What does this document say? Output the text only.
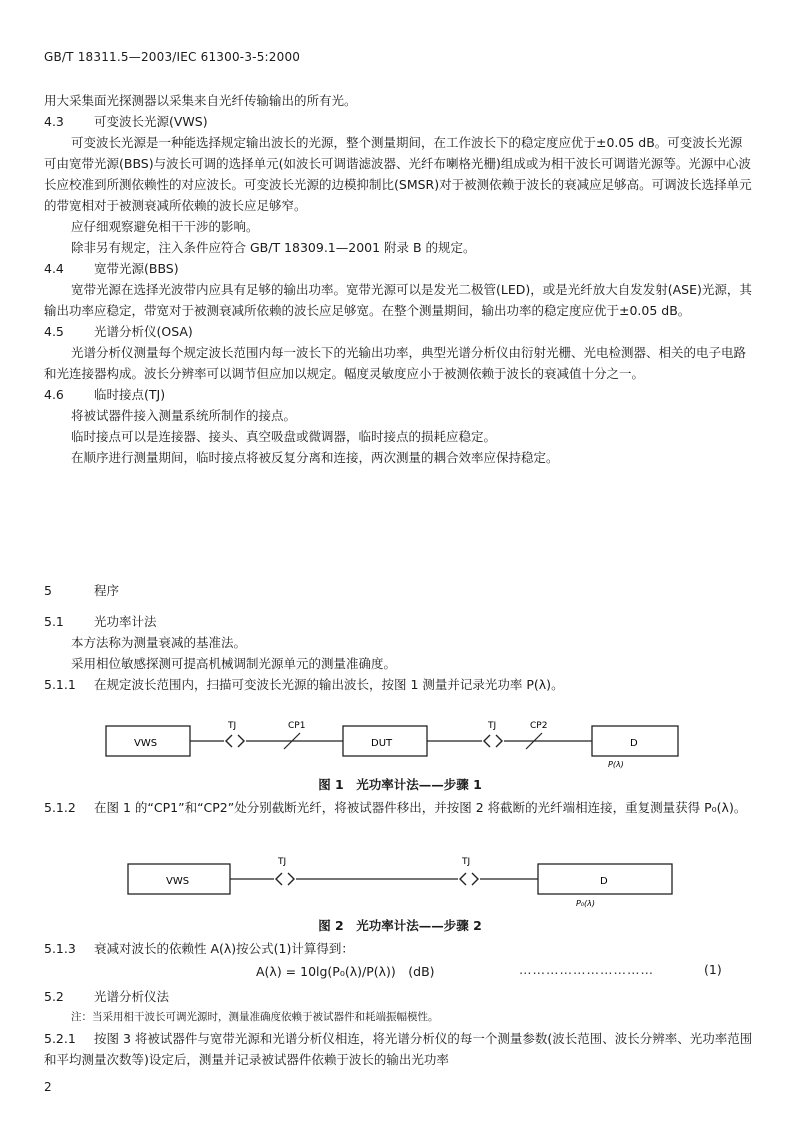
GB/T 18311.5—2003/IEC 61300-3-5:2000

用大采集面光探测器以采集来自光纤传输输出的所有光。

4.3 可变波长光源(VWS)

可变波长光源是一种能选择规定输出波长的光源，整个测量期间，在工作波长下的稳定度应优于±0.05 dB。可变波长光源可由宽带光源(BBS)与波长可调的选择单元(如波长可调谐滤波器、光纤布喇格光栅)组成或为相干波长可调谐光源等。光源中心波长应校准到所测依赖性的对应波长。可变波长光源的边模抑制比(SMSR)对于被测依赖于波长的衰减应足够高。可调波长选择单元的带宽相对于被测衰减所依赖的波长应足够窄。

应仔细观察避免相干干涉的影响。

除非另有规定，注入条件应符合 GB/T 18309.1—2001 附录 B 的规定。

4.4 宽带光源(BBS)

宽带光源在选择光波带内应具有足够的输出功率。宽带光源可以是发光二极管(LED)，或是光纤放大自发发射(ASE)光源，其输出功率应稳定，带宽对于被测衰减所依赖的波长应足够宽。在整个测量期间，输出功率的稳定度应优于±0.05 dB。

4.5 光谱分析仪(OSA)

光谱分析仪测量每个规定波长范围内每一波长下的光输出功率，典型光谱分析仪由衍射光栅、光电检测器、相关的电子电路和光连接器构成。波长分辨率可以调节但应加以规定。幅度灵敏度应小于被测依赖于波长的衰减值十分之一。

4.6 临时接点(TJ)

将被试器件接入测量系统所制作的接点。

临时接点可以是连接器、接头、真空吸盘或微调器，临时接点的损耗应稳定。

在顺序进行测量期间，临时接点将被反复分离和连接，两次测量的耦合效率应保持稳定。

5	程序

5.1 光功率计法

本方法称为测量衰减的基准法。

采用相位敏感探测可提高机械调制光源单元的测量准确度。

5.1.1 在规定波长范围内，扫描可变波长光源的输出波长，按图 1 测量并记录光功率 P(λ)。

VWS
TJ	CP1
DUT
TJ	CP2
D
P(λ)
图 1　光功率计法——步骤 1

5.1.2 在图 1 的“CP1”和“CP2”处分别截断光纤，将被试器件移出，并按图 2 将截断的光纤端相连接，重复测量获得 P₀(λ)。

VWS
TJ	TJ
D
P₀(λ)
图 2　光功率计法——步骤 2

5.1.3 衰减对波长的依赖性 A(λ)按公式(1)计算得到：

A(λ) = 10lg(P₀(λ)/P(λ))　(dB)	…………………………	(1)

5.2 光谱分析仪法

注：当采用相干波长可调光源时，测量准确度依赖于被试器件和耗端振幅模性。

5.2.1 按图 3 将被试器件与宽带光源和光谱分析仪相连，将光谱分析仪的每一个测量参数(波长范围、波长分辨率、光功率范围和平均测量次数等)设定后，测量并记录被试器件依赖于波长的输出光功率

2
